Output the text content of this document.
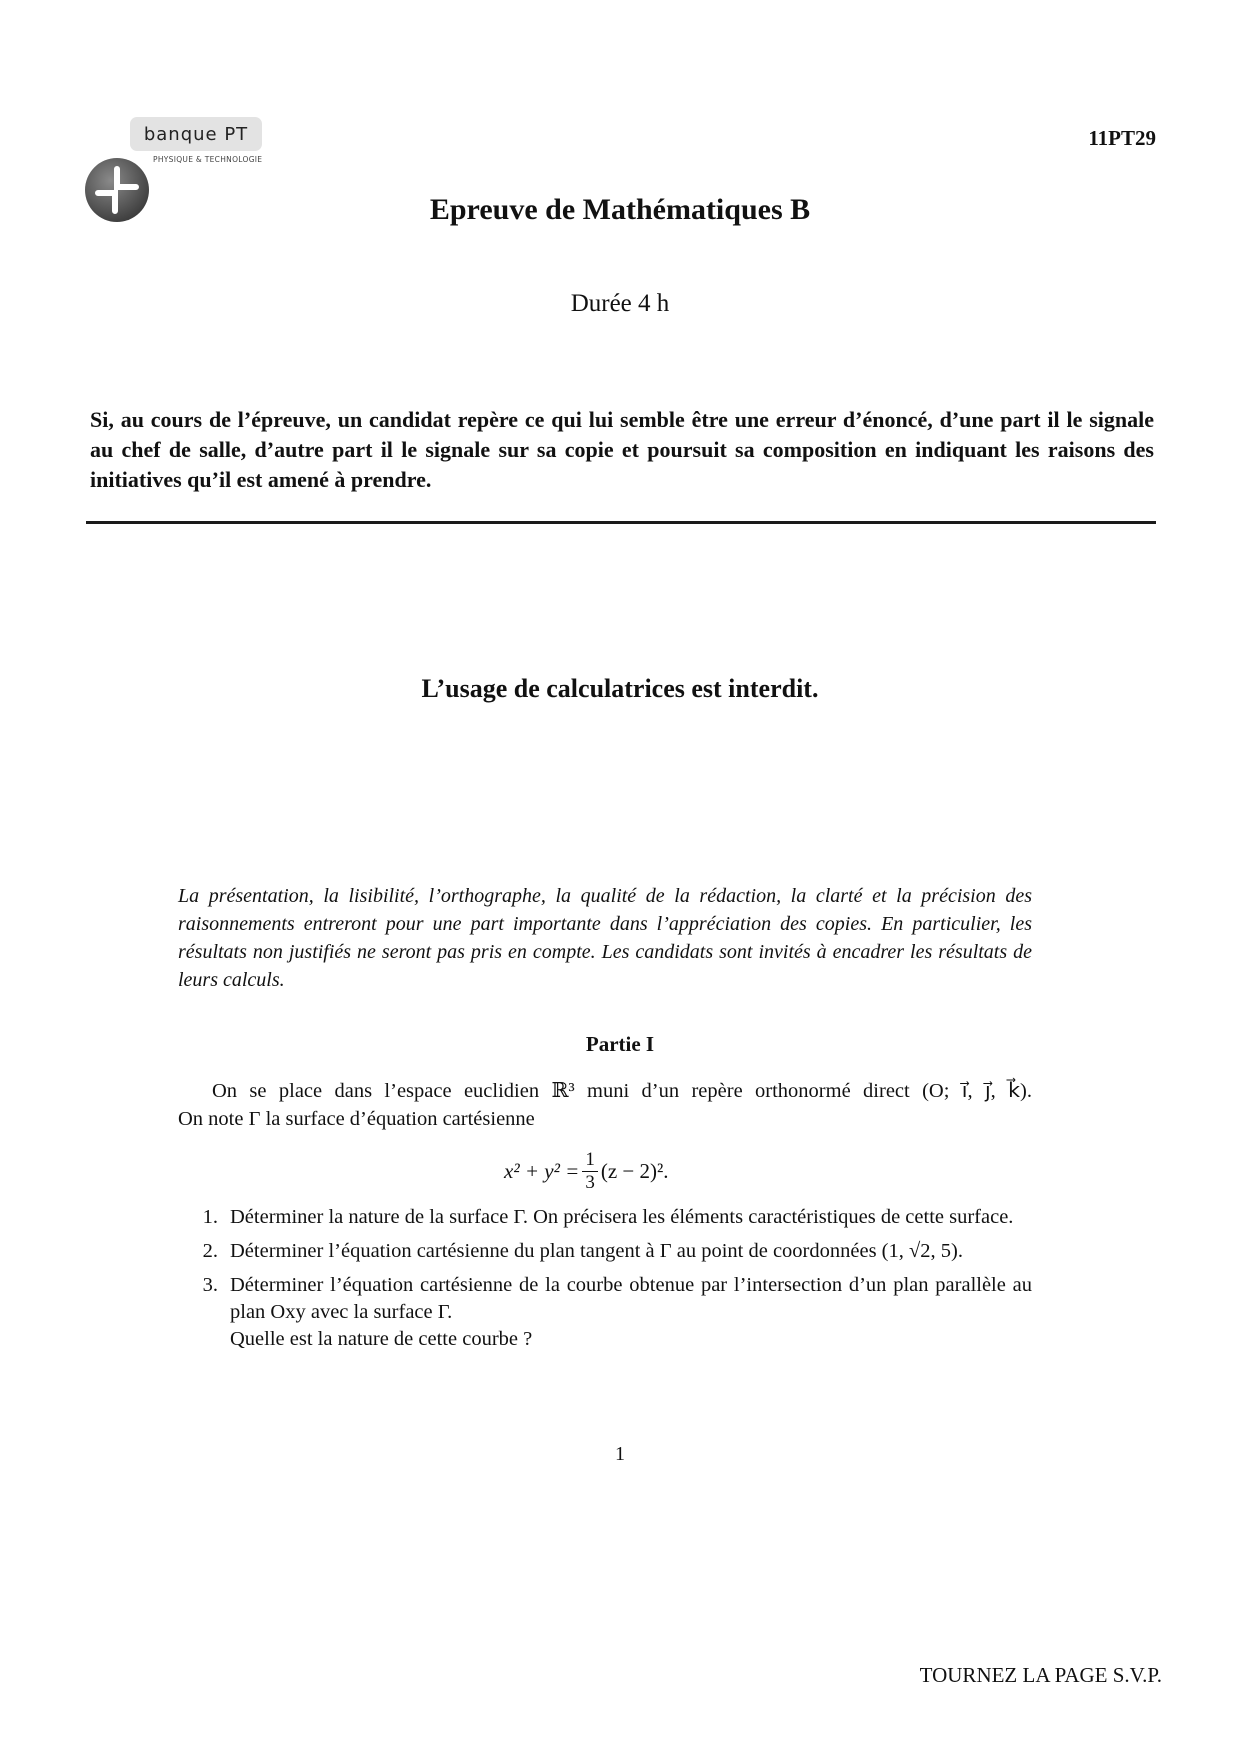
banque PT
PHYSIQUE & TECHNOLOGIE
11PT29
Epreuve de Mathématiques B
Durée 4 h
Si, au cours de l’épreuve, un candidat repère ce qui lui semble être une erreur d’énoncé, d’une part il le signale au chef de salle, d’autre part il le signale sur sa copie et poursuit sa composition en indiquant les raisons des initiatives qu’il est amené à prendre.
L’usage de calculatrices est interdit.
La présentation, la lisibilité, l’orthographe, la qualité de la rédaction, la clarté et la précision des raisonnements entreront pour une part importante dans l’appréciation des copies. En particulier, les résultats non justifiés ne seront pas pris en compte. Les candidats sont invités à encadrer les résultats de leurs calculs.
Partie I
On se place dans l’espace euclidien ℝ³ muni d’un repère orthonormé direct (O; ı⃗, ȷ⃗, k⃗).
On note Γ la surface d’équation cartésienne
$x^2 + y^2 = \frac{1}{3} (z - 2)^2$.
1. Déterminer la nature de la surface Γ. On précisera les éléments caractéristiques de cette surface.
2. Déterminer l’équation cartésienne du plan tangent à Γ au point de coordonnées (1, √2, 5).
3. Déterminer l’équation cartésienne de la courbe obtenue par l’intersection d’un plan parallèle au plan Oxy avec la surface Γ.
Quelle est la nature de cette courbe ?
1
TOURNEZ LA PAGE S.V.P.
